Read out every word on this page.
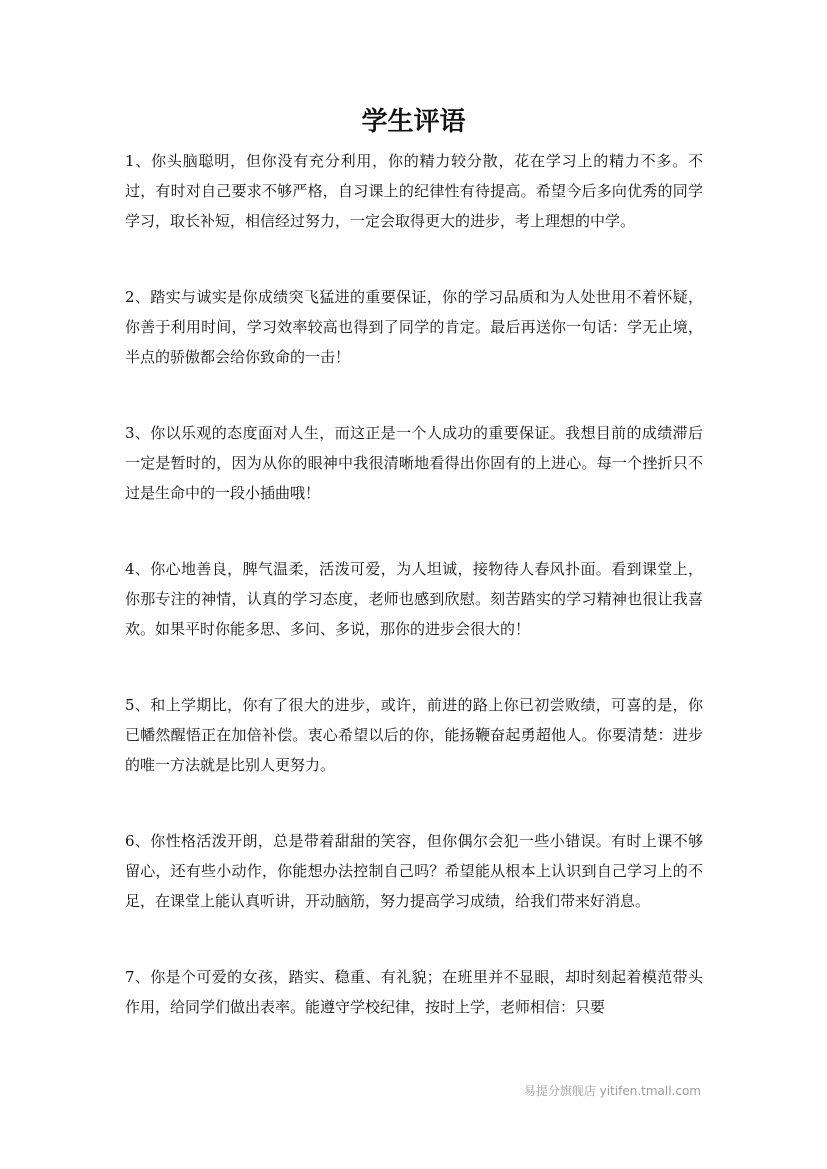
学生评语

1、你头脑聪明，但你没有充分利用，你的精力较分散，花在学习上的精力不多。不过，有时对自己要求不够严格，自习课上的纪律性有待提高。希望今后多向优秀的同学学习，取长补短，相信经过努力，一定会取得更大的进步，考上理想的中学。

2、踏实与诚实是你成绩突飞猛进的重要保证，你的学习品质和为人处世用不着怀疑，你善于利用时间，学习效率较高也得到了同学的肯定。最后再送你一句话：学无止境，半点的骄傲都会给你致命的一击！

3、你以乐观的态度面对人生，而这正是一个人成功的重要保证。我想目前的成绩滞后一定是暂时的，因为从你的眼神中我很清晰地看得出你固有的上进心。每一个挫折只不过是生命中的一段小插曲哦！

4、你心地善良，脾气温柔，活泼可爱，为人坦诚，接物待人春风扑面。看到课堂上，你那专注的神情，认真的学习态度，老师也感到欣慰。刻苦踏实的学习精神也很让我喜欢。如果平时你能多思、多问、多说，那你的进步会很大的！

5、和上学期比，你有了很大的进步，或许，前进的路上你已初尝败绩，可喜的是，你已幡然醒悟正在加倍补偿。衷心希望以后的你，能扬鞭奋起勇超他人。你要清楚：进步的唯一方法就是比别人更努力。

6、你性格活泼开朗，总是带着甜甜的笑容，但你偶尔会犯一些小错误。有时上课不够留心，还有些小动作，你能想办法控制自己吗？希望能从根本上认识到自己学习上的不足，在课堂上能认真听讲，开动脑筋，努力提高学习成绩，给我们带来好消息。

7、你是个可爱的女孩，踏实、稳重、有礼貌；在班里并不显眼，却时刻起着模范带头作用，给同学们做出表率。能遵守学校纪律，按时上学，老师相信：只要

易提分旗舰店 yitifen.tmall.com
